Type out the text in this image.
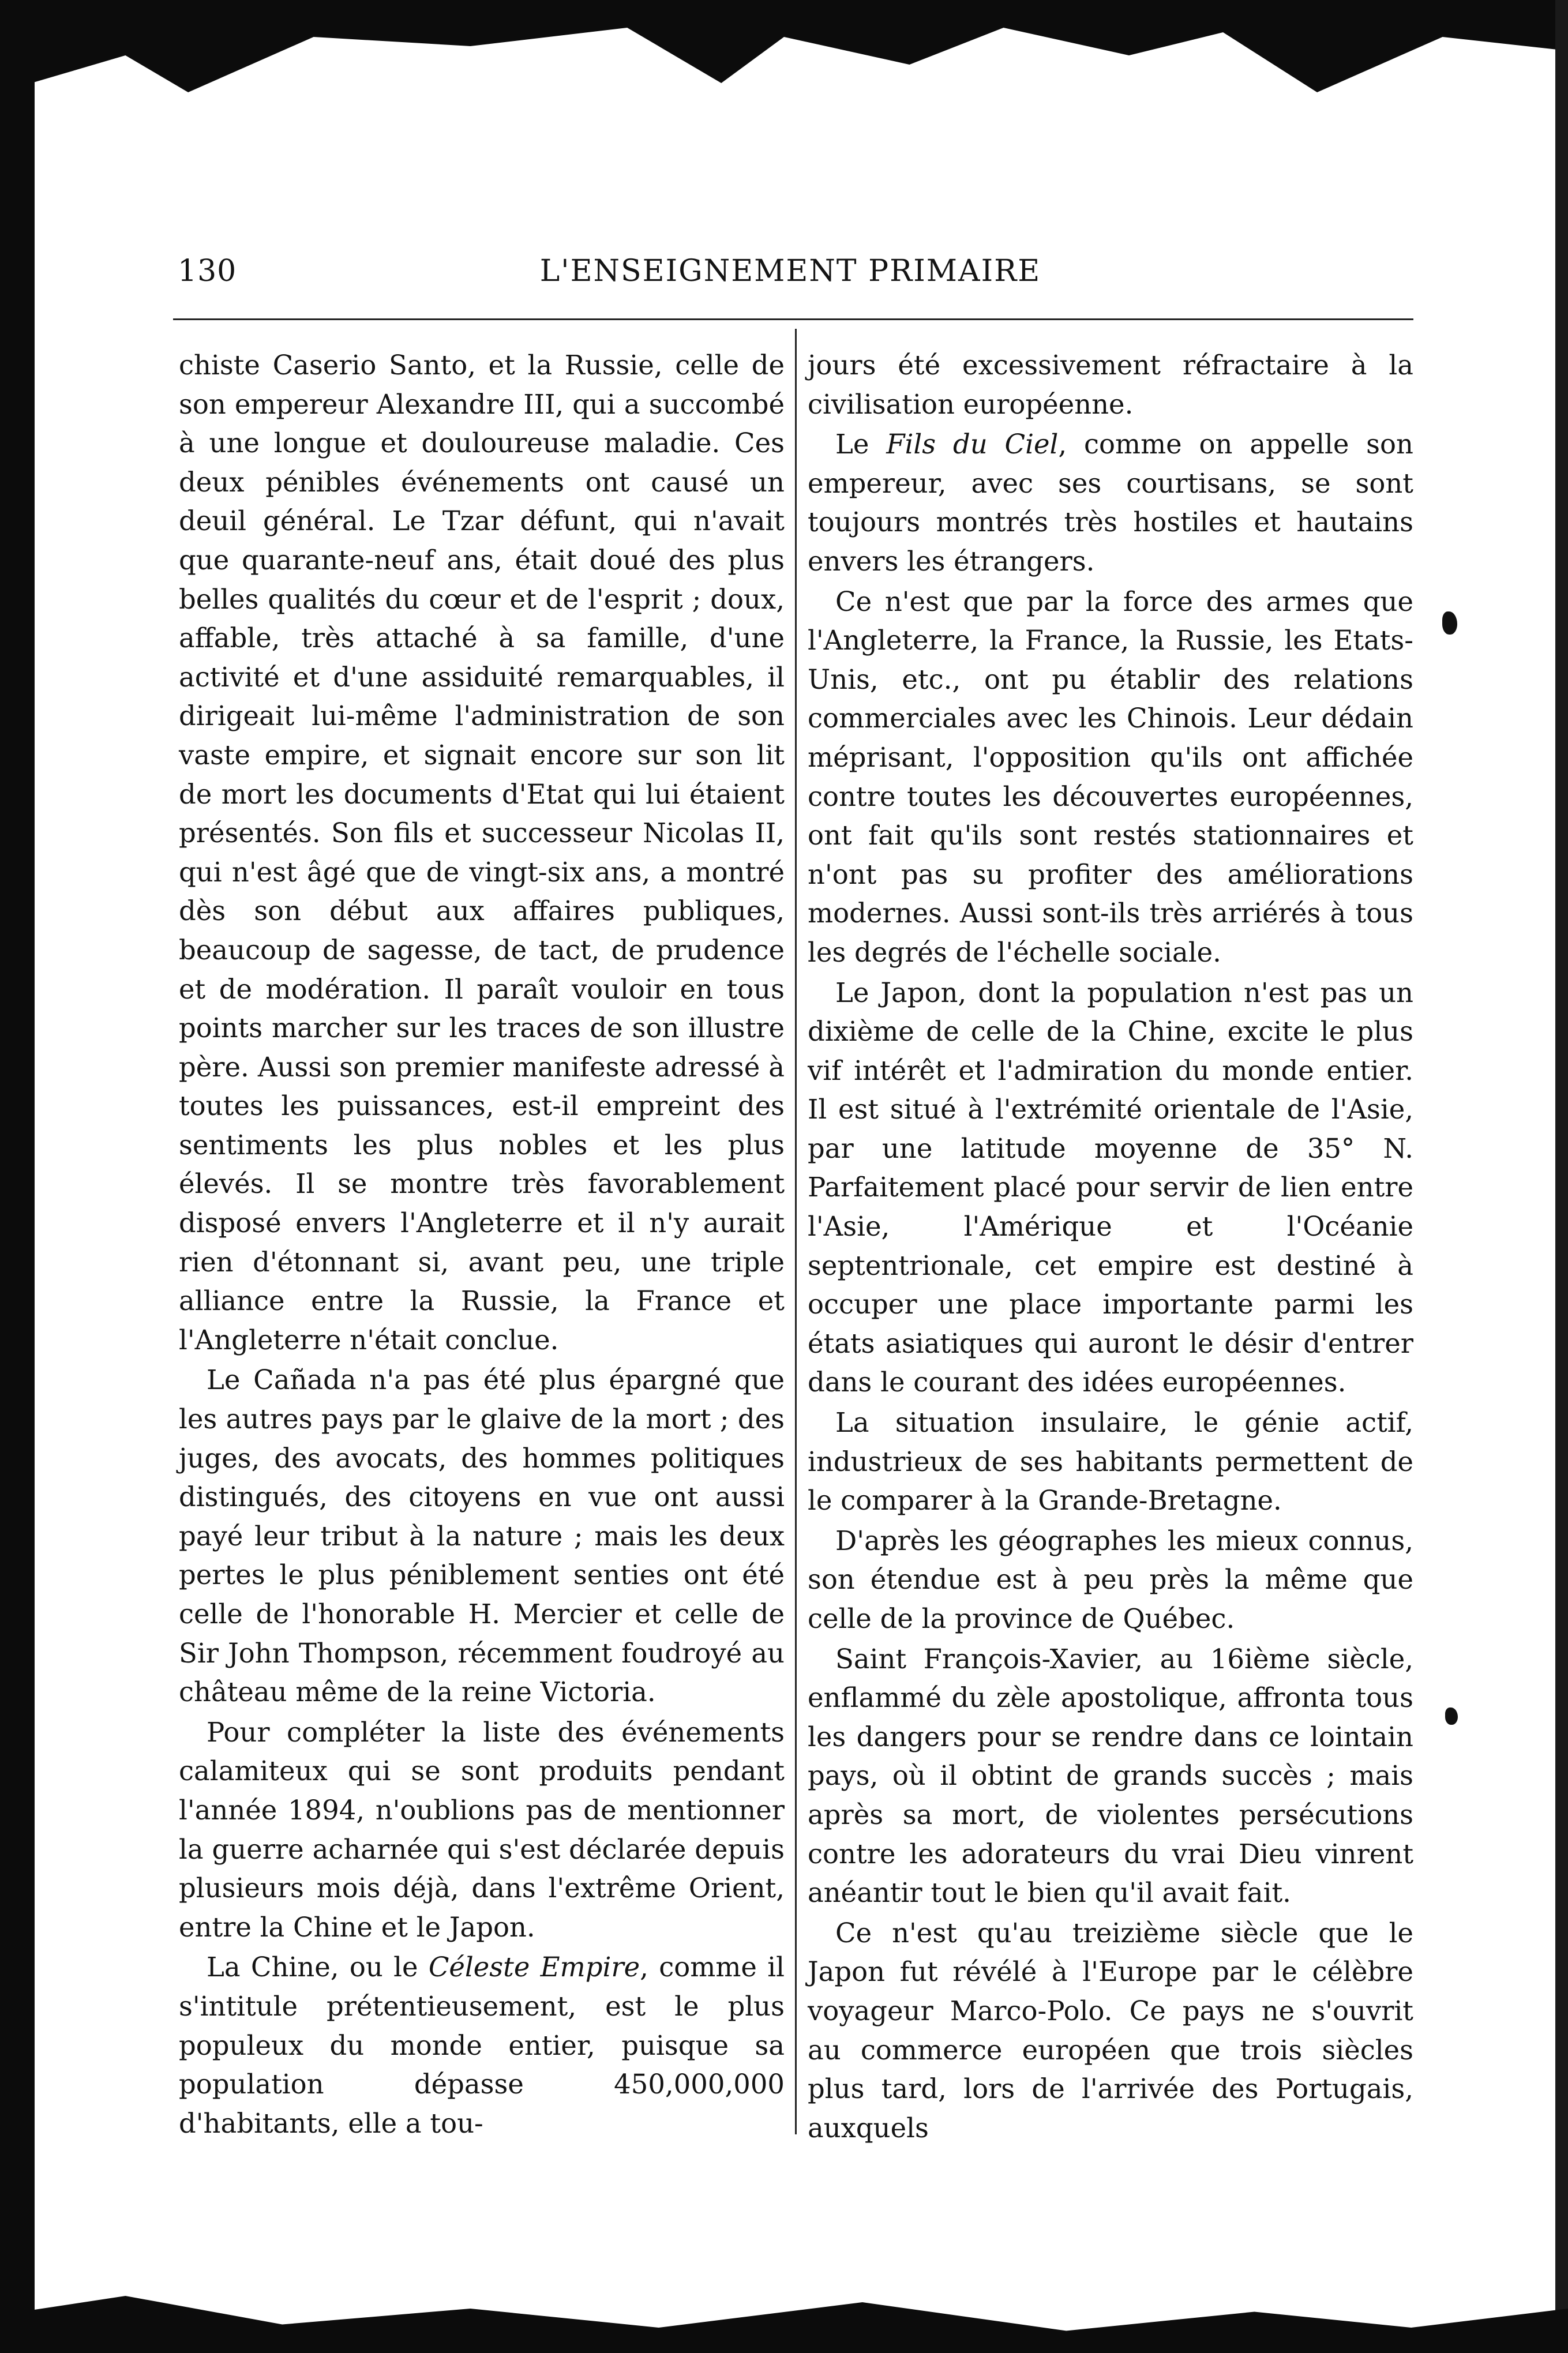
130	L'ENSEIGNEMENT PRIMAIRE

chiste Caserio Santo, et la Russie, celle de son empereur Alexandre III, qui a succombé à une longue et douloureuse maladie. Ces deux pénibles événements ont causé un deuil général. Le Tzar défunt, qui n'avait que quarante-neuf ans, était doué des plus belles qualités du cœur et de l'esprit ; doux, affable, très attaché à sa famille, d'une activité et d'une assiduité remarquables, il dirigeait lui-même l'administration de son vaste empire, et signait encore sur son lit de mort les documents d'Etat qui lui étaient présentés. Son fils et successeur Nicolas II, qui n'est âgé que de vingt-six ans, a montré dès son début aux affaires publiques, beaucoup de sagesse, de tact, de prudence et de modération. Il paraît vouloir en tous points marcher sur les traces de son illustre père. Aussi son premier manifeste adressé à toutes les puissances, est-il empreint des sentiments les plus nobles et les plus élevés. Il se montre très favorablement disposé envers l'Angleterre et il n'y aurait rien d'étonnant si, avant peu, une triple alliance entre la Russie, la France et l'Angleterre n'était conclue.

Le Cañada n'a pas été plus épargné que les autres pays par le glaive de la mort ; des juges, des avocats, des hommes politiques distingués, des citoyens en vue ont aussi payé leur tribut à la nature ; mais les deux pertes le plus péniblement senties ont été celle de l'honorable H. Mercier et celle de Sir John Thompson, récemment foudroyé au château même de la reine Victoria.

Pour compléter la liste des événements calamiteux qui se sont produits pendant l'année 1894, n'oublions pas de mentionner la guerre acharnée qui s'est déclarée depuis plusieurs mois déjà, dans l'extrême Orient, entre la Chine et le Japon.

La Chine, ou le Céleste Empire, comme il s'intitule prétentieusement, est le plus populeux du monde entier, puisque sa population dépasse 450,000,000 d'habitants, elle a tou-

jours été excessivement réfractaire à la civilisation européenne.

Le Fils du Ciel, comme on appelle son empereur, avec ses courtisans, se sont toujours montrés très hostiles et hautains envers les étrangers.

Ce n'est que par la force des armes que l'Angleterre, la France, la Russie, les Etats-Unis, etc., ont pu établir des relations commerciales avec les Chinois. Leur dédain méprisant, l'opposition qu'ils ont affichée contre toutes les découvertes européennes, ont fait qu'ils sont restés stationnaires et n'ont pas su profiter des améliorations modernes. Aussi sont-ils très arriérés à tous les degrés de l'échelle sociale.

Le Japon, dont la population n'est pas un dixième de celle de la Chine, excite le plus vif intérêt et l'admiration du monde entier. Il est situé à l'extrémité orientale de l'Asie, par une latitude moyenne de 35° N. Parfaitement placé pour servir de lien entre l'Asie, l'Amérique et l'Océanie septentrionale, cet empire est destiné à occuper une place importante parmi les états asiatiques qui auront le désir d'entrer dans le courant des idées européennes.

La situation insulaire, le génie actif, industrieux de ses habitants permettent de le comparer à la Grande-Bretagne.

D'après les géographes les mieux connus, son étendue est à peu près la même que celle de la province de Québec.

Saint François-Xavier, au 16ième siècle, enflammé du zèle apostolique, affronta tous les dangers pour se rendre dans ce lointain pays, où il obtint de grands succès ; mais après sa mort, de violentes persécutions contre les adorateurs du vrai Dieu vinrent anéantir tout le bien qu'il avait fait.

Ce n'est qu'au treizième siècle que le Japon fut révélé à l'Europe par le célèbre voyageur Marco-Polo. Ce pays ne s'ouvrit au commerce européen que trois siècles plus tard, lors de l'arrivée des Portugais, auxquels
